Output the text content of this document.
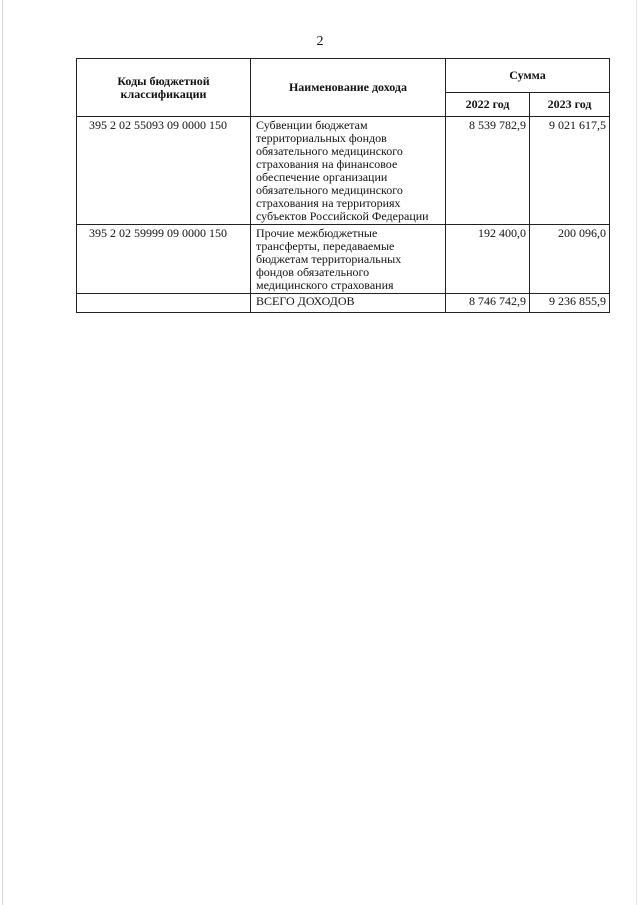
2
Коды бюджетной классификации	Наименование дохода	Сумма	
		2022 год	2023 год
395 2 02 55093 09 0000 150	Субвенции бюджетам территориальных фондов обязательного медицинского страхования на финансовое обеспечение организации обязательного медицинского страхования на территориях субъектов Российской Федерации	8 539 782,9	9 021 617,5
395 2 02 59999 09 0000 150	Прочие межбюджетные трансферты, передаваемые бюджетам территориальных фондов обязательного медицинского страхования	192 400,0	200 096,0
	ВСЕГО ДОХОДОВ	8 746 742,9	9 236 855,9
